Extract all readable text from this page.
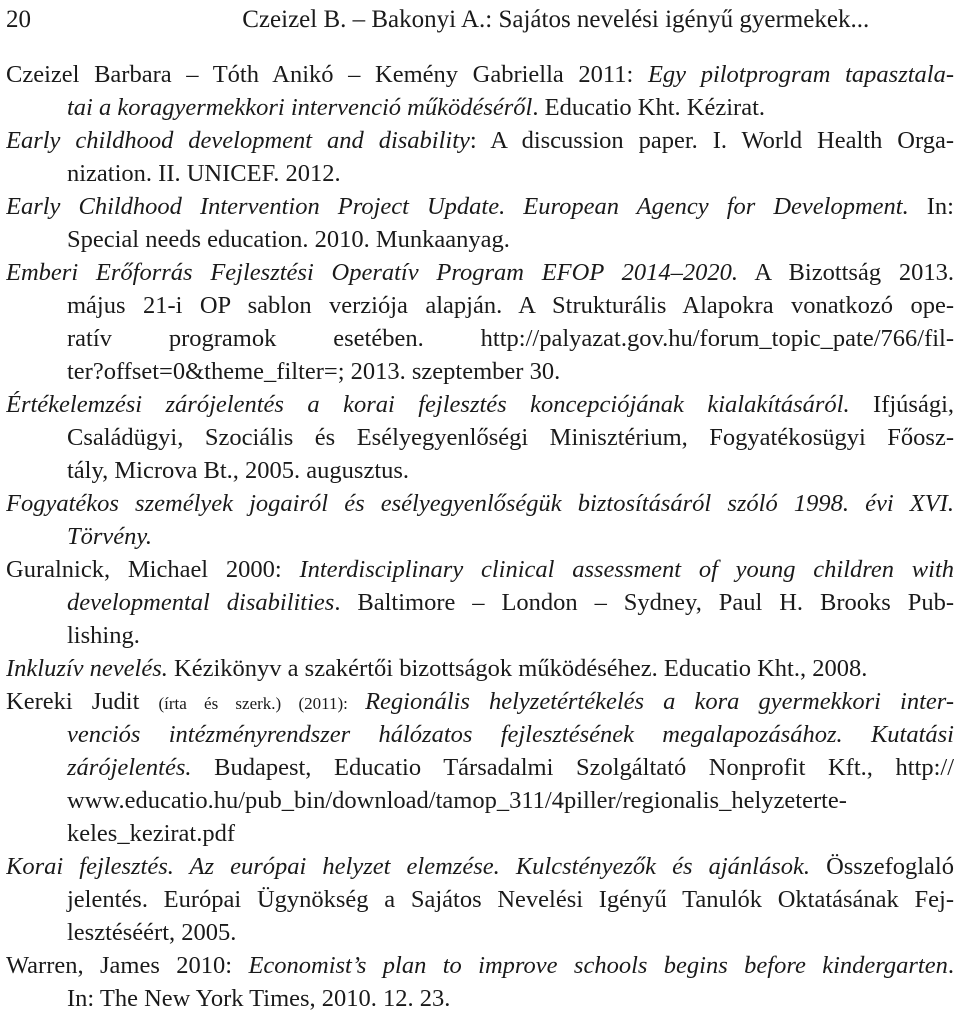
20	Czeizel B. – Bakonyi A.: Sajátos nevelési igényű gyermekek...
Czeizel Barbara – Tóth Anikó – Kemény Gabriella 2011: Egy pilotprogram tapasztala-
tai a koragyermekkori intervenció működéséről. Educatio Kht. Kézirat.
Early childhood development and disability: A discussion paper. I. World Health Orga-
nization. II. UNICEF. 2012.
Early Childhood Intervention Project Update. European Agency for Development. In:
Special needs education. 2010. Munkaanyag.
Emberi Erőforrás Fejlesztési Operatív Program EFOP 2014–2020. A Bizottság 2013.
május 21-i OP sablon verziója alapján. A Strukturális Alapokra vonatkozó ope-
ratív programok esetében. http://palyazat.gov.hu/forum_topic_pate/766/fil-
ter?offset=0&theme_filter=; 2013. szeptember 30.
Értékelemzési zárójelentés a korai fejlesztés koncepciójának kialakításáról. Ifjúsági,
Családügyi, Szociális és Esélyegyenlőségi Minisztérium, Fogyatékosügyi Főosz-
tály, Microva Bt., 2005. augusztus.
Fogyatékos személyek jogairól és esélyegyenlőségük biztosításáról szóló 1998. évi XVI.
Törvény.
Guralnick, Michael 2000: Interdisciplinary clinical assessment of young children with
developmental disabilities. Baltimore – London – Sydney, Paul H. Brooks Pub-
lishing.
Inkluzív nevelés. Kézikönyv a szakértői bizottságok működéséhez. Educatio Kht., 2008.
Kereki Judit (írta és szerk.) (2011): Regionális helyzetértékelés a kora gyermekkori inter-
venciós intézményrendszer hálózatos fejlesztésének megalapozásához. Kutatási
zárójelentés. Budapest, Educatio Társadalmi Szolgáltató Nonprofit Kft., http://
www.educatio.hu/pub_bin/download/tamop_311/4piller/regionalis_helyzeterte-
keles_kezirat.pdf
Korai fejlesztés. Az európai helyzet elemzése. Kulcstényezők és ajánlások. Összefoglaló
jelentés. Európai Ügynökség a Sajátos Nevelési Igényű Tanulók Oktatásának Fej-
lesztéséért, 2005.
Warren, James 2010: Economist’s plan to improve schools begins before kindergarten.
In: The New York Times, 2010. 12. 23.
